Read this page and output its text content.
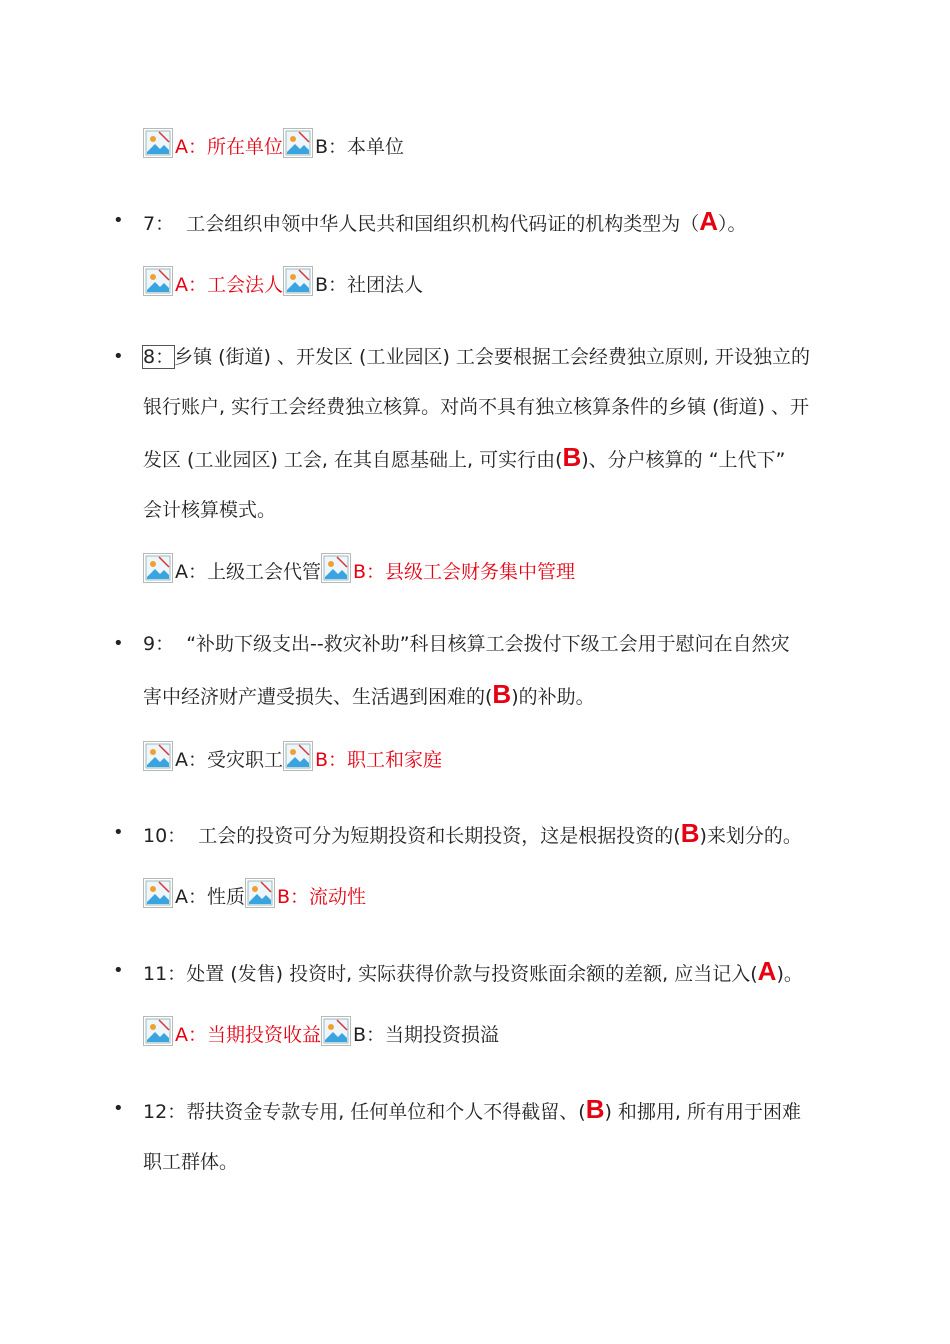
A：所在单位 B：本单位
• 7： 工会组织申领中华人民共和国组织机构代码证的机构类型为（A）。
A：工会法人 B：社团法人
• 8：乡镇 (街道) 、开发区 (工业园区) 工会要根据工会经费独立原则, 开设独立的
银行账户, 实行工会经费独立核算。对尚不具有独立核算条件的乡镇 (街道) 、开
发区 (工业园区) 工会, 在其自愿基础上, 可实行由(B)、分户核算的 “上代下”
会计核算模式。
A：上级工会代管 B：县级工会财务集中管理
• 9： “补助下级支出--救灾补助”科目核算工会拨付下级工会用于慰问在自然灾
害中经济财产遭受损失、生活遇到困难的(B)的补助。
A：受灾职工 B：职工和家庭
• 10： 工会的投资可分为短期投资和长期投资，这是根据投资的(B)来划分的。
A：性质 B：流动性
• 11：处置 (发售) 投资时, 实际获得价款与投资账面余额的差额, 应当记入(A)。
A：当期投资收益 B：当期投资损溢
• 12：帮扶资金专款专用, 任何单位和个人不得截留、(B) 和挪用, 所有用于困难
职工群体。
